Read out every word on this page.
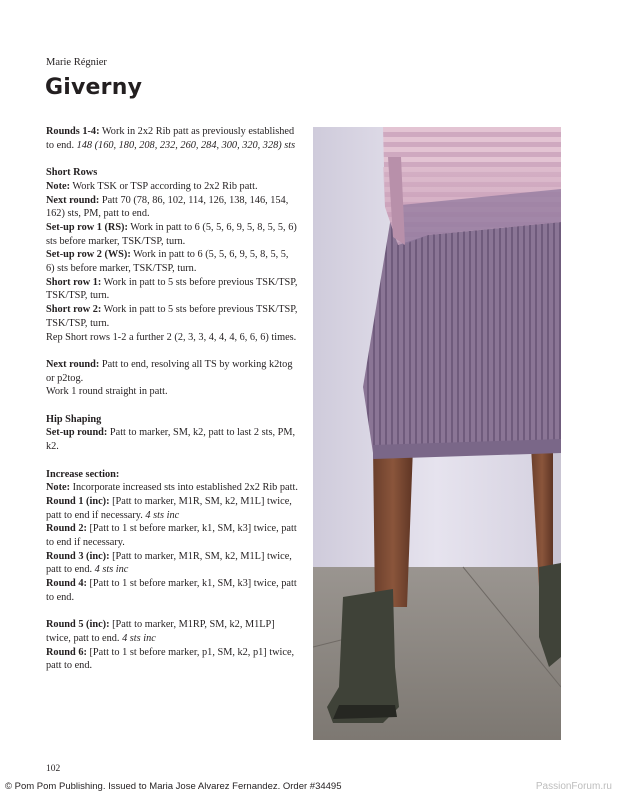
Marie Régnier
Giverny

Rounds 1-4: Work in 2x2 Rib patt as previously established to end. 148 (160, 180, 208, 232, 260, 284, 300, 320, 328) sts

Short Rows

Note: Work TSK or TSP according to 2x2 Rib patt.

Next round: Patt 70 (78, 86, 102, 114, 126, 138, 146, 154, 162) sts, PM, patt to end.

Set-up row 1 (RS): Work in patt to 6 (5, 5, 6, 9, 5, 8, 5, 5, 6) sts before marker, TSK/TSP, turn.

Set-up row 2 (WS): Work in patt to 6 (5, 5, 6, 9, 5, 8, 5, 5, 6) sts before marker, TSK/TSP, turn.

Short row 1: Work in patt to 5 sts before previous TSK/TSP, TSK/TSP, turn.

Short row 2: Work in patt to 5 sts before previous TSK/TSP, TSK/TSP, turn.

Rep Short rows 1-2 a further 2 (2, 3, 3, 4, 4, 4, 6, 6, 6) times.

Next round: Patt to end, resolving all TS by working k2tog or p2tog.

Work 1 round straight in patt.

Hip Shaping

Set-up round: Patt to marker, SM, k2, patt to last 2 sts, PM, k2.

Increase section:

Note: Incorporate increased sts into established 2x2 Rib patt.

Round 1 (inc): [Patt to marker, M1R, SM, k2, M1L] twice, patt to end if necessary. 4 sts inc

Round 2: [Patt to 1 st before marker, k1, SM, k3] twice, patt to end if necessary.

Round 3 (inc): [Patt to marker, M1R, SM, k2, M1L] twice, patt to end. 4 sts inc

Round 4: [Patt to 1 st before marker, k1, SM, k3] twice, patt to end.

Round 5 (inc): [Patt to marker, M1RP, SM, k2, M1LP] twice, patt to end. 4 sts inc

Round 6: [Patt to 1 st before marker, p1, SM, k2, p1] twice, patt to end.

102
© Pom Pom Publishing. Issued to Maria Jose Alvarez Fernandez. Order #34495	PassionForum.ru
